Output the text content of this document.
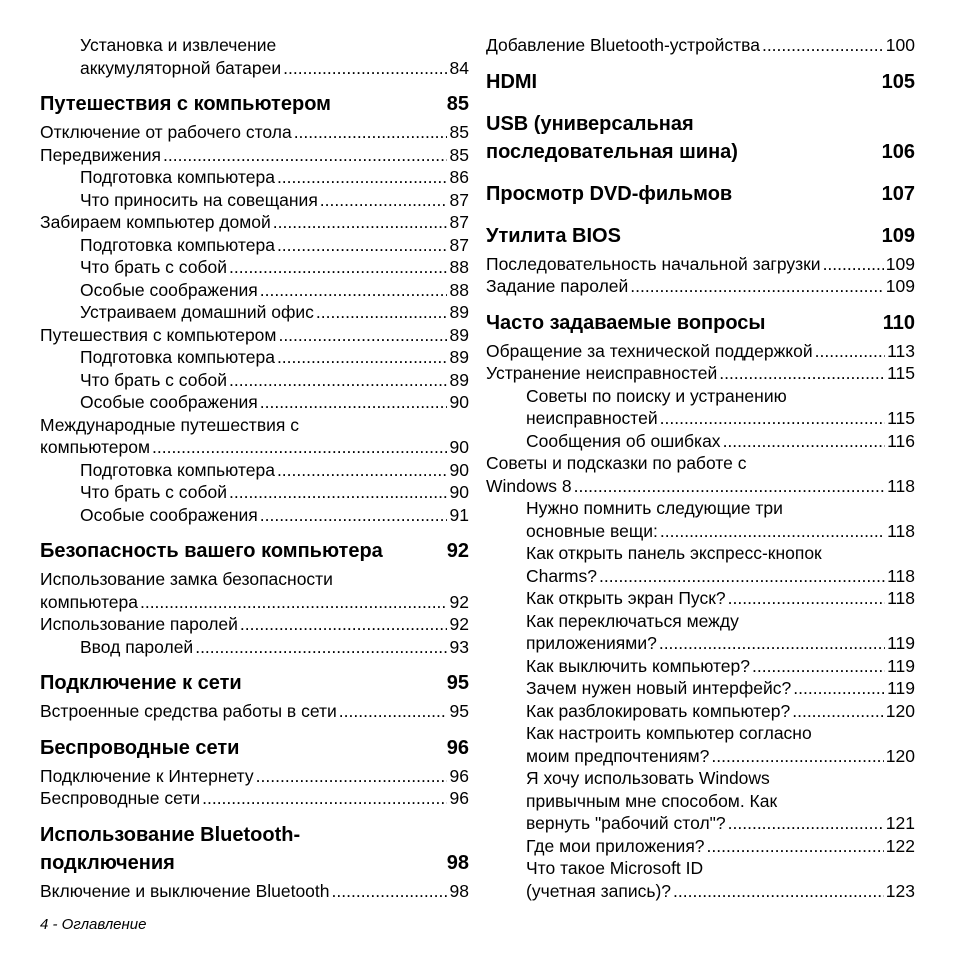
Установка и извлечение
аккумуляторной батареи .....	84
Путешествия с компьютером	85
Отключение от рабочего стола .....	85
Передвижения .....	85
Подготовка компьютера .....	86
Что приносить на совещания .....	87
Забираем компьютер домой .....	87
Подготовка компьютера .....	87
Что брать с собой .....	88
Особые соображения .....	88
Устраиваем домашний офис .....	89
Путешествия с компьютером .....	89
Подготовка компьютера .....	89
Что брать с собой .....	89
Особые соображения .....	90
Международные путешествия с
компьютером .....	90
Подготовка компьютера .....	90
Что брать с собой .....	90
Особые соображения .....	91
Безопасность вашего компьютера	92
Использование замка безопасности
компьютера .....	92
Использование паролей .....	92
Ввод паролей .....	93
Подключение к сети	95
Встроенные средства работы в сети .....	95
Беспроводные сети	96
Подключение к Интернету .....	96
Беспроводные сети .....	96
Использование Bluetooth-
подключения	98
Включение и выключение Bluetooth .....	98
Добавление Bluetooth-устройства .....	100
HDMI	105
USB (универсальная
последовательная шина)	106
Просмотр DVD-фильмов	107
Утилита BIOS	109
Последовательность начальной загрузки .....	109
Задание паролей .....	109
Часто задаваемые вопросы	110
Обращение за технической поддержкой .....	113
Устранение неисправностей .....	115
Советы по поиску и устранению
неисправностей .....	115
Сообщения об ошибках .....	116
Советы и подсказки по работе с
Windows 8 .....	118
Нужно помнить следующие три
основные вещи: .....	118
Как открыть панель экспресс-кнопок
Charms? .....	118
Как открыть экран Пуск? .....	118
Как переключаться между
приложениями? .....	119
Как выключить компьютер? .....	119
Зачем нужен новый интерфейс? .....	119
Как разблокировать компьютер? .....	120
Как настроить компьютер согласно
моим предпочтениям? .....	120
Я хочу использовать Windows
привычным мне способом. Как
вернуть "рабочий стол"? .....	121
Где мои приложения? .....	122
Что такое Microsoft ID
(учетная запись)? .....	123
4 - Оглавление
